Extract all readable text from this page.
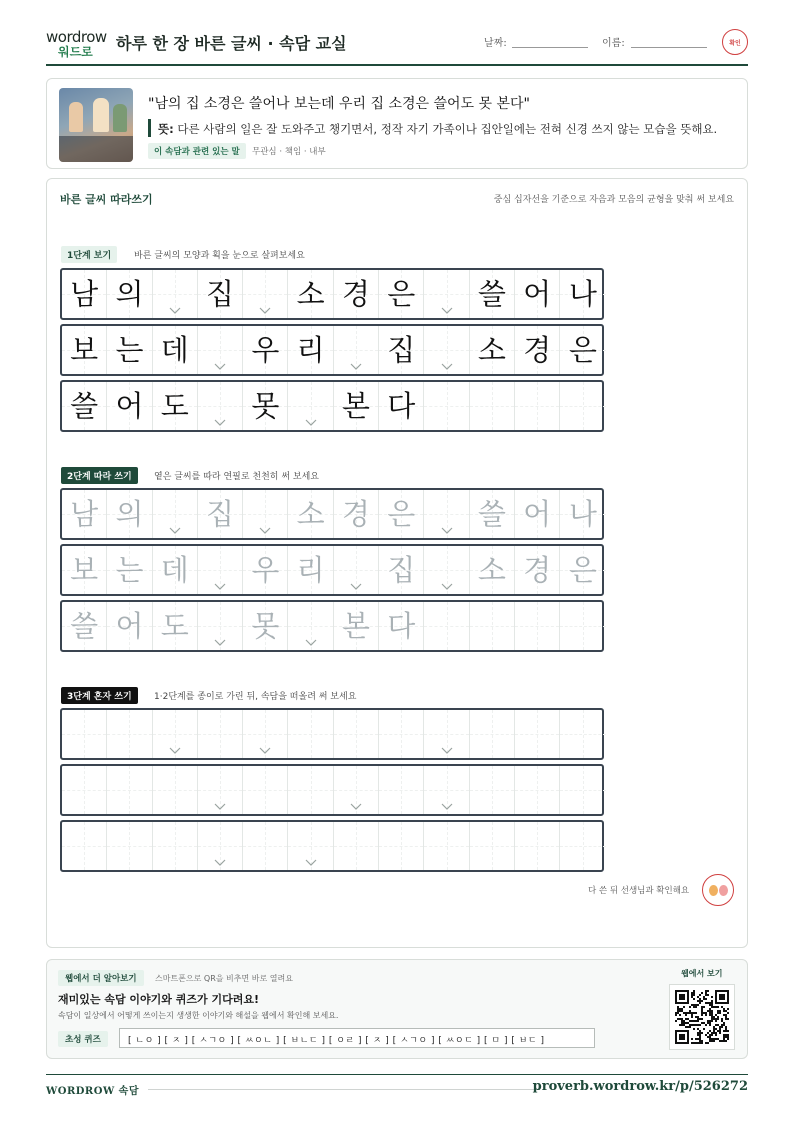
wordrow
워드로 하루 한 장 바른 글씨 · 속담 교실	날짜:	이름:	확인
"남의 집 소경은 쓸어나 보는데 우리 집 소경은 쓸어도 못 본다"
뜻: 다른 사람의 일은 잘 도와주고 챙기면서, 정작 자기 가족이나 집안일에는 전혀 신경 쓰지 않는 모습을 뜻해요.
이 속담과 관련 있는 말	무관심 · 책임 · 내부
바른 글씨 따라쓰기	중심 십자선을 기준으로 자음과 모음의 균형을 맞춰 써 보세요
1단계 보기	바른 글씨의 모양과 획을 눈으로 살펴보세요
2단계 따라 쓰기	옅은 글씨를 따라 연필로 천천히 써 보세요
3단계 혼자 쓰기	1·2단계를 종이로 가린 뒤, 속담을 떠올려 써 보세요
남 의 집 소 경 은 쓸 어 나
보 는 데 우 리 집 소 경 은
쓸 어 도 못 본 다
남 의 집 소 경 은 쓸 어 나
보 는 데 우 리 집 소 경 은
쓸 어 도 못 본 다
다 쓴 뒤 선생님과 확인해요
웹에서 더 알아보기	스마트폰으로 QR을 비추면 바로 열려요
재미있는 속담 이야기와 퀴즈가 기다려요!
속담이 일상에서 어떻게 쓰이는지 생생한 이야기와 해설을 웹에서 확인해 보세요.
초성 퀴즈	[ ㄴㅇ ] [ ㅈ ] [ ㅅㄱㅇ ] [ ㅆㅇㄴ ] [ ㅂㄴㄷ ] [ ㅇㄹ ] [ ㅈ ] [ ㅅㄱㅇ ] [ ㅆㅇㄷ ] [ ㅁ ] [ ㅂㄷ ]
웹에서 보기
WORDROW 속담	proverb.wordrow.kr/p/526272
